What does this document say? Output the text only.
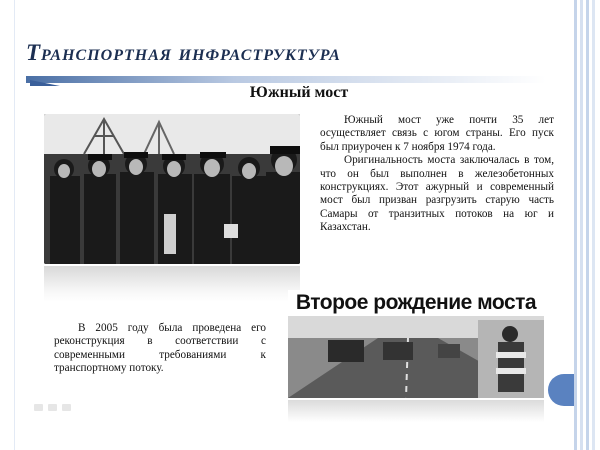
Транспортная инфраструктура
Южный мост

Южный мост уже почти 35 лет осуществляет связь с югом страны. Его пуск был приурочен к 7 ноября 1974 года.

Оригинальность моста заключалась в том, что он был выполнен в железобетонных конструкциях. Этот ажурный и современный мост был призван разгрузить старую часть Самары от транзитных потоков на юг и Казахстан.

В 2005 году была проведена его реконструкция в соответствии с современными требованиями к транспортному потоку.

Второе рождение моста
